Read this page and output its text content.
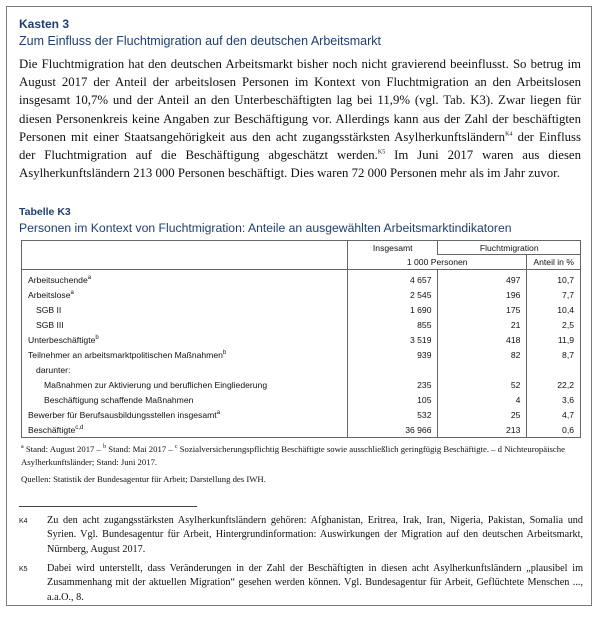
Kasten 3
Zum Einfluss der Fluchtmigration auf den deutschen Arbeitsmarkt

Die Fluchtmigration hat den deutschen Arbeitsmarkt bisher noch nicht gravierend beeinflusst. So betrug im August 2017 der Anteil der arbeitslosen Personen im Kontext von Fluchtmigration an den Arbeitslosen insgesamt 10,7% und der Anteil an den Unterbeschäftigten lag bei 11,9% (vgl. Tab. K3). Zwar liegen für diesen Personenkreis keine Angaben zur Beschäftigung vor. Allerdings kann aus der Zahl der beschäftigten Personen mit einer Staatsangehörigkeit aus den acht zugangsstärksten Asylherkunftsländern$^{K4}$ der Einfluss der Fluchtmigration auf die Beschäftigung abgeschätzt werden.$^{K5}$ Im Juni 2017 waren aus diesen Asylherkunftsländern 213 000 Personen beschäftigt. Dies waren 72 000 Personen mehr als im Jahr zuvor.

Tabelle K3
Personen im Kontext von Fluchtmigration: Anteile an ausgewählten Arbeitsmarktindikatoren
	Insgesamt	Fluchtmigration	
	1 000 Personen		Anteil in %
Arbeitsuchende$^a$	4 657	497	10,7
Arbeitslose$^a$	2 545	196	7,7
SGB II	1 690	175	10,4
SGB III	855	21	2,5
Unterbeschäftigte$^b$	3 519	418	11,9
Teilnehmer an arbeitsmarktpolitischen Maßnahmen$^b$	939	82	8,7
darunter:			
Maßnahmen zur Aktivierung und beruflichen Eingliederung	235	52	22,2
Beschäftigung schaffende Maßnahmen	105	4	3,6
Bewerber für Berufsausbildungsstellen insgesamt$^a$	532	25	4,7
Beschäftigte$^{c,d}$	36 966	213	0,6

$^a$ Stand: August 2017 – $^b$ Stand: Mai 2017 – $^c$ Sozialversicherungspflichtig Beschäftigte sowie ausschließlich geringfügig Beschäftigte. – d Nichteuropäische Asylherkunftsländer; Stand: Juni 2017.

Quellen: Statistik der Bundesagentur für Arbeit; Darstellung des IWH.
K4	Zu den acht zugangsstärksten Asylherkunftsländern gehören: Afghanistan, Eritrea, Irak, Iran, Nigeria, Pakistan, Somalia und Syrien. Vgl. Bundesagentur für Arbeit, Hintergrundinformation: Auswirkungen der Migration auf den deutschen Arbeitsmarkt, Nürnberg, August 2017.
K5	Dabei wird unterstellt, dass Veränderungen in der Zahl der Beschäftigten in diesen acht Asylherkunftsländern „plausibel im Zusammenhang mit der aktuellen Migration“ gesehen werden können. Vgl. Bundesagentur für Arbeit, Geflüchtete Menschen ..., a.a.O., 8.
